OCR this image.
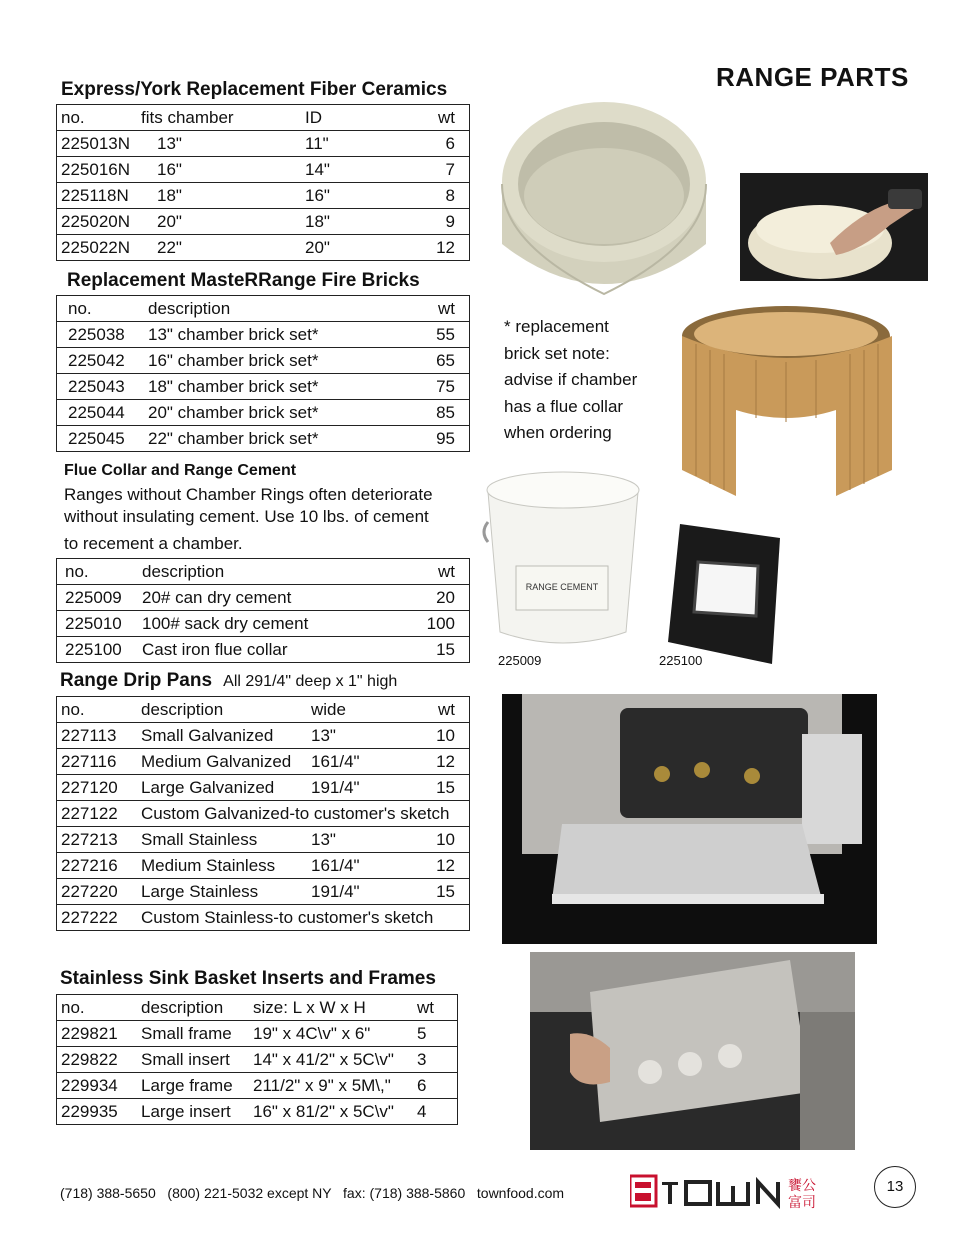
RANGE PARTS
Express/York Replacement Fiber Ceramics
no.	fits chamber	ID	wt
225013N	13"	11"	6
225016N	16"	14"	7
225118N	18"	16"	8
225020N	20"	18"	9
225022N	22"	20"	12
Replacement MasteRRange Fire Bricks
no.	description	wt
225038	13" chamber brick set*	55
225042	16" chamber brick set*	65
225043	18" chamber brick set*	75
225044	20" chamber brick set*	85
225045	22" chamber brick set*	95
* replacement
brick set note:
advise if chamber
has a flue collar
when ordering
Flue Collar and Range Cement
Ranges without Chamber Rings often deteriorate
without insulating cement. Use 10 lbs. of cement
to recement a chamber.
no.	description	wt
225009	20# can dry cement	20
225010	100# sack dry cement	100
225100	Cast iron flue collar	15
Range Drip Pans All 291/4" deep x 1" high
no.	description	wide	wt
227113	Small Galvanized	13"	10
227116	Medium Galvanized	161/4"	12
227120	Large Galvanized	191/4"	15
227122	Custom Galvanized-to customer's sketch		
227213	Small Stainless	13"	10
227216	Medium Stainless	161/4"	12
227220	Large Stainless	191/4"	15
227222	Custom Stainless-to customer's sketch		
Stainless Sink Basket Inserts and Frames
no.	description	size: L x W x H	wt
229821	Small frame	19" x 4C\v" x 6"	5
229822	Small insert	14" x 41/2" x 5C\v"	3
229934	Large frame	211/2" x 9" x 5M\,"	6
229935	Large insert	16" x 81/2" x 5C\v"	4
RANGE CEMENT
225009	225100
(718) 388-5650   (800) 221-5032 except NY   fax: (718) 388-5860   townfood.com	饔公
富司
13
